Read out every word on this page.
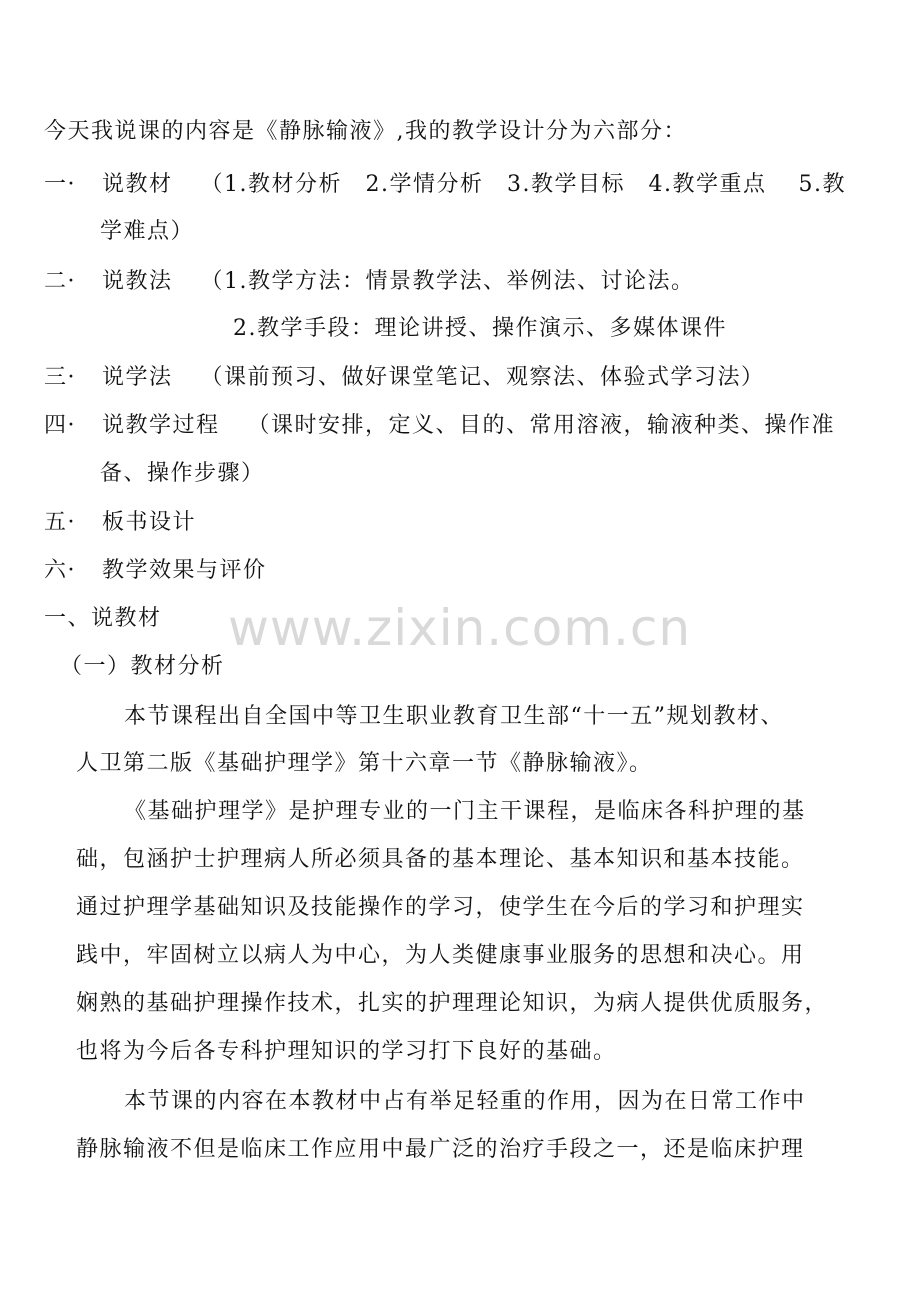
今天我说课的内容是《静脉输液》,我的教学设计分为六部分：
一· 说教材 （1.教材分析　2.学情分析　3.教学目标　4.教学重点　 5.教
学难点）
二· 说教法 （1.教学方法：情景教学法、举例法、讨论法。
2.教学手段：理论讲授、操作演示、多媒体课件
三· 说学法 （课前预习、做好课堂笔记、观察法、体验式学习法）
四· 说教学过程 （课时安排，定义、目的、常用溶液，输液种类、操作准
备、操作步骤）
五· 板书设计
六· 教学效果与评价
一、说教材
（一）教材分析
本节课程出自全国中等卫生职业教育卫生部“十一五”规划教材、
人卫第二版《基础护理学》第十六章一节《静脉输液》。
《基础护理学》是护理专业的一门主干课程，是临床各科护理的基
础，包涵护士护理病人所必须具备的基本理论、基本知识和基本技能。
通过护理学基础知识及技能操作的学习，使学生在今后的学习和护理实
践中，牢固树立以病人为中心，为人类健康事业服务的思想和决心。用
娴熟的基础护理操作技术，扎实的护理理论知识，为病人提供优质服务，
也将为今后各专科护理知识的学习打下良好的基础。
本节课的内容在本教材中占有举足轻重的作用，因为在日常工作中
静脉输液不但是临床工作应用中最广泛的治疗手段之一，还是临床护理
www.zixin.com.cn
